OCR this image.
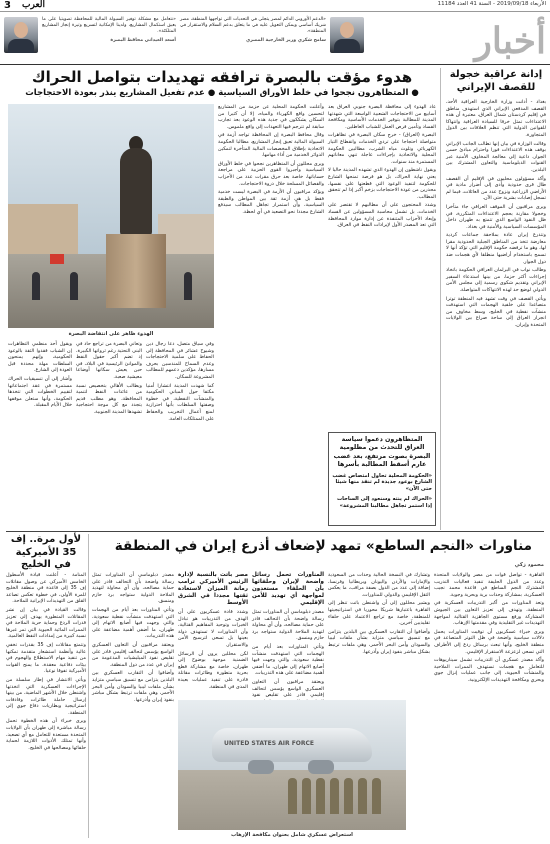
الأربعاء 2019/09/18 - السنة 41 العدد 11184
العرب
3
أخبار
«الدعم الأوروبي الدائم لمصر يتجلى في التحديات التي تواجهها المنطقة، مصر شريك أساسي ويمكن التعويل عليه في ما يتعلق بدعم السلام والاستقرار في المنطقة».
سامح شكري وزير الخارجية المصري
«نتعامل مع مشكلة توفير السيولة المالية للمحافظة تصويتيا على ما يعيق استكمال المشاريع، ولدينا الإمكانية لتسريع وتيرة إنجاز المشاريع المتلكئة».
أسعد العيداني محافظ البصرة
إدانة عراقية خجولة للقصف الإيراني

بغداد - أدانت وزارة الخارجية العراقية الأحد، القصف المدفعي الإيراني الذي استهدف مناطق في إقليم كردستان شمال العراق، معتبرة أن هذه الاعتداءات تمثل خرقا للسيادة العراقية وانتهاكا للقوانين الدولية التي تنظم العلاقات بين الدول المتجاورة.

وقالت الوزارة في بيان إنها تطالب الجانب الإيراني بوقف هذه الاعتداءات فورا واحترام مبادئ حسن الجوار، داعية إلى معالجة المخاوف الأمنية عبر القنوات الدبلوماسية والتعاون المشترك بين البلدين.

وأكد مسؤولون محليون في الإقليم أن القصف طال قرى حدودية وأدى إلى أضرار مادية في الأراضي الزراعية ونزوح عدد من العائلات، فيما لم تسجل إصابات بشرية حتى الآن.

ويرى مراقبون أن الموقف العراقي جاء متأخرا وخجولا مقارنة بحجم الاعتداءات المتكررة، في ظل النفوذ الواسع الذي تتمتع به طهران داخل المؤسسات السياسية والأمنية في بغداد.

وتتذرع إيران عادة بملاحقة جماعات كردية معارضة تتخذ من المناطق الجبلية الحدودية مقرا لها، وهو ما ترفضه حكومة الإقليم التي تؤكد أنها لا تسمح باستخدام أراضيها منطلقا لأي هجمات ضد دول الجوار.

وطالب نواب في البرلمان العراقي الحكومة باتخاذ إجراءات أكثر حزما، من بينها استدعاء السفير الإيراني وتقديم شكوى رسمية إلى مجلس الأمن الدولي لوضع حد لهذه الانتهاكات المتواصلة.

ويأتي القصف في وقت تشهد فيه المنطقة توترا متصاعدا على خلفية الهجمات التي استهدفت منشآت نفطية في الخليج، وسط مخاوف من انجرار العراق إلى ساحة صراع بين الولايات المتحدة وإيران.

هدوء مؤقت بالبصرة ترافقه تهديدات بتواصل الحراك
● المتظاهرون نجحوا في خلط الأوراق السياسية ● عدم تفعيل المشاريع ينذر بعودة الاحتجاجات

عاد الهدوء إلى محافظة البصرة جنوبي العراق بعد أسابيع من الاحتجاجات الشعبية الواسعة التي شهدتها المدينة للمطالبة بتوفير الخدمات الأساسية ومكافحة الفساد وتأمين فرص العمل للشباب العاطلين.

البصرة (العراق) - خرج سكان البصرة في تظاهرات متواصلة احتجاجا على تردي الخدمات وانقطاع التيار الكهربائي وتلوث مياه الشرب، مطالبين الحكومة المحلية والاتحادية بإجراءات عاجلة تنهي معاناتهم المستمرة منذ سنوات.

ويقول ناشطون إن الهدوء الذي تشهده المدينة حاليا لا يعني نهاية الحراك، بل هو فرصة تمنحها الشارع للحكومة لتنفيذ الوعود التي قطعتها على نفسها، محذرين من عودة الاحتجاجات بزخم أكبر إذا لم تتحقق المطالب.

وشدد المحتجون على أن مطالبهم لا تقتصر على الخدمات، بل تشمل محاسبة المسؤولين عن الفساد وإبعاد الأحزاب المتنفذة عن إدارة موارد المحافظة التي تعد المصدر الأول لإيرادات النفط في العراق.

وأعلنت الحكومة المحلية عن حزمة من المشاريع لتحسين واقع الكهرباء والمياه، إلا أن كثيرا من السكان يشككون في جدية هذه الوعود بعد تجارب سابقة لم تترجم فيها التعهدات إلى واقع ملموس.

وقال محافظ البصرة إن المحافظة تواجه أزمة في السيولة المالية تعيق إنجاز المشاريع، مطالبا الحكومة الاتحادية بإطلاق المخصصات المالية المتأخرة لتمكين الدوائر الخدمية من أداء مهامها.

ويرى محللون أن المتظاهرين نجحوا في خلط الأوراق السياسية وأجبروا القوى الحزبية على مراجعة حساباتها، خاصة بعد حرق مقرات عدد من الأحزاب والفصائل المسلحة خلال ذروة الاحتجاجات.

ويؤكد مراقبون أن الأزمة في البصرة ليست خدمية فقط بل هي أزمة ثقة بين المواطن والطبقة السياسية، وأن استمرار تجاهل المطالب سيدفع الشارع مجددا نحو التصعيد في أي لحظة.

الهدوء ظاهر على انتفاضة البصرة

وفي سياق متصل، دعا رجال دين وشيوخ عشائر في المحافظة إلى الحفاظ على سلمية الاحتجاجات وعدم السماح للمندسين بحرف مسارها، مؤكدين دعمهم للمطالب المشروعة للسكان.

كما شهدت المدينة انتشارا أمنيا مكثفا حول المباني الحكومية والمنشآت النفطية، في خطوة وصفتها السلطات بأنها احترازية لمنع أعمال التخريب والحفاظ على الممتلكات العامة.

وتعاني البصرة من تراجع حاد في البنى التحتية رغم ثرواتها الكبيرة، إذ تضم أكبر حقول النفط والموانئ الرئيسية في البلاد، في حين يعيش سكانها أوضاعا معيشية صعبة.

ويطالب الأهالي بتخصيص نسبة من عائدات النفط لتنمية المحافظة، وهو مطلب قديم يتجدد مع كل موجة احتجاجية تشهدها المدينة الجنوبية.

ويقول أحد منظمي التظاهرات إن الشباب فقدوا الثقة بالوعود الحكومية، وإنهم يمنحون السلطات مهلة محددة قبل العودة إلى الشارع.

وأشار إلى أن تنسيقيات الحراك مستمرة في عقد اجتماعاتها لتقييم الخطوات التي تتخذها الحكومة، وأنها ستعلن موقفها خلال الأيام المقبلة.

المتظاهرون دعموا سياسة العراق للتحدث من مظلومية البصرة بصوت مرتفع، بعد غضب عارم أسقط المطالبة بأسرها
«الحكومة المحلية تحاول امتصاص غضب الشارع بوعود جديدة لم تنفذ منها شيئا حتى الآن»
«الحراك لم ينته وسنعود إلى الساحات إذا استمر تجاهل مطالبنا المشروعة»
مناورات «النجم الساطع» تمهد لإضعاف أذرع إيران في المنطقة
محمود زكي

القاهرة - تواصل قوات من مصر والولايات المتحدة وعدد من الدول الحليفة تنفيذ فعاليات التدريب المشترك النجم الساطع في قاعدة محمد نجيب العسكرية، بمشاركة وحدات برية وبحرية وجوية.

وتعد المناورات من أكبر التدريبات العسكرية في المنطقة، وتهدف إلى تعزيز التعاون بين الجيوش المشاركة ورفع مستوى الجاهزية القتالية لمواجهة التهديدات غير التقليدية وفي مقدمتها الإرهاب.

ويرى خبراء عسكريون أن توقيت المناورات يحمل دلالات سياسية واضحة في ظل التوتر المتصاعد في منطقة الخليج، وأنها تبعث برسائل ردع إلى الأطراف التي تسعى لزعزعة الاستقرار الإقليمي.

وأكد مصدر عسكري أن التدريبات تشمل سيناريوهات للتعامل مع هجمات تستهدف الممرات الملاحية والمنشآت الحيوية، إلى جانب عمليات إنزال جوي وبحري ومكافحة التهديدات الإلكترونية.

وتشارك في النسخة الحالية وحدات من السعودية والإمارات والأردن واليونان وبريطانيا وفرنسا، إضافة إلى عدد من الدول بصفة مراقب، ما يعكس الثقل الإقليمي والدولي للمناورات.

ويشير محللون إلى أن واشنطن باتت تنظر إلى القاهرة باعتبارها شريكا محوريا في استراتيجيتها للمنطقة، خاصة مع تراجع الاعتماد على حلفاء تقليديين آخرين.

وأضافوا أن التقارب العسكري بين البلدين يتزامن مع تنسيق سياسي متزايد بشأن ملفات ليبيا والسودان وأمن البحر الأحمر، وهي ملفات ترتبط بشكل مباشر بنفوذ إيران وأذرعها.

المناورات تحمل رسائل واضحة لإيران وحلفائها بأن الحلفاء مستعدون لمواجهة أي تهديد للأمن الإقليمي

مصدر دبلوماسي أن المناورات تمثل رسالة واضحة بأن التحالف قادر على حماية مصالحه، وأن أي محاولة لتهديد الملاحة الدولية ستواجه برد حازم ومنسق.

وتأتي المناورات بعد أيام من الهجمات التي استهدفت منشآت نفطية سعودية، والتي وجهت فيها أصابع الاتهام إلى طهران، ما أضفى أهمية مضاعفة على هذه التدريبات.

ويعتقد مراقبون أن التعاون العسكري الواسع يؤسس لتحالف إقليمي قادر على تقليص نفوذ

مصر باتت بالنسبة لإدارة الرئيس الأميركي ترامب رمانة الميزان لاستعادة ثقتها مجددا في الشرق الأوسط

وشدد قادة عسكريون على أن الهدف من التدريبات هو تبادل الخبرات وتوحيد المفاهيم القتالية، وأن المناورات لا تستهدف دولة بعينها بل تسعى لترسيخ الأمن والاستقرار.

لكن محللين يرون أن الرسائل الضمنية موجهة بوضوح إلى طهران، خاصة مع مشاركة قطع بحرية متطورة وطائرات مقاتلة قادرة على تنفيذ عمليات بعيدة المدى في المنطقة.

UNITED STATES AIR FORCE
استعراض عسكري شامل بعنوان مكافحة الإرهاب
لأول مرة.. إف 35 الأميركية في الخليج

المنامة - أعلنت قيادة الأسطول الخامس الأميركي عن وصول مقاتلات إف 35 إلى قاعدة في منطقة الخليج للمرة الأولى، في خطوة تعكس تصاعد القلق من التهديدات الإيرانية للملاحة.

وقالت القيادة في بيان إن نشر المقاتلات المتطورة يهدف إلى تعزيز قدرات الردع وحماية حرية الملاحة في الممرات المائية الحيوية التي تمر عبرها نسبة كبيرة من إمدادات النفط العالمية.

وتتمتع مقاتلات إف 35 بقدرات تخفي عالية وأنظمة استشعار متقدمة تمكنها من تنفيذ مهام الاستطلاع والهجوم في بيئات دفاعية معقدة، ما يمنح القوات الأميركية تفوقا نوعيا.

ويأتي الانتشار في إطار سلسلة من الإجراءات العسكرية التي اتخذتها واشنطن خلال الأشهر الماضية، من بينها إرسال حاملة طائرات وقاذفات استراتيجية وبطاريات دفاع جوي إلى المنطقة.

ويرى خبراء أن هذه الخطوة تحمل رسالة مباشرة إلى طهران بأن الولايات المتحدة مستعدة للتعامل مع أي تصعيد، وأنها تمتلك الأدوات اللازمة لحماية حلفائها ومصالحها في الخليج.

مصدر دبلوماسي أن المناورات تمثل رسالة واضحة بأن التحالف قادر على حماية مصالحه، وأن أي محاولة لتهديد الملاحة الدولية ستواجه برد حازم ومنسق.

وتأتي المناورات بعد أيام من الهجمات التي استهدفت منشآت نفطية سعودية، والتي وجهت فيها أصابع الاتهام إلى طهران، ما أضفى أهمية مضاعفة على هذه التدريبات.

ويعتقد مراقبون أن التعاون العسكري الواسع يؤسس لتحالف إقليمي قادر على تقليص نفوذ الميليشيات المدعومة من إيران في عدد من دول المنطقة.

وأضافوا أن التقارب العسكري بين البلدين يتزامن مع تنسيق سياسي متزايد بشأن ملفات ليبيا والسودان وأمن البحر الأحمر، وهي ملفات ترتبط بشكل مباشر بنفوذ إيران وأذرعها.
